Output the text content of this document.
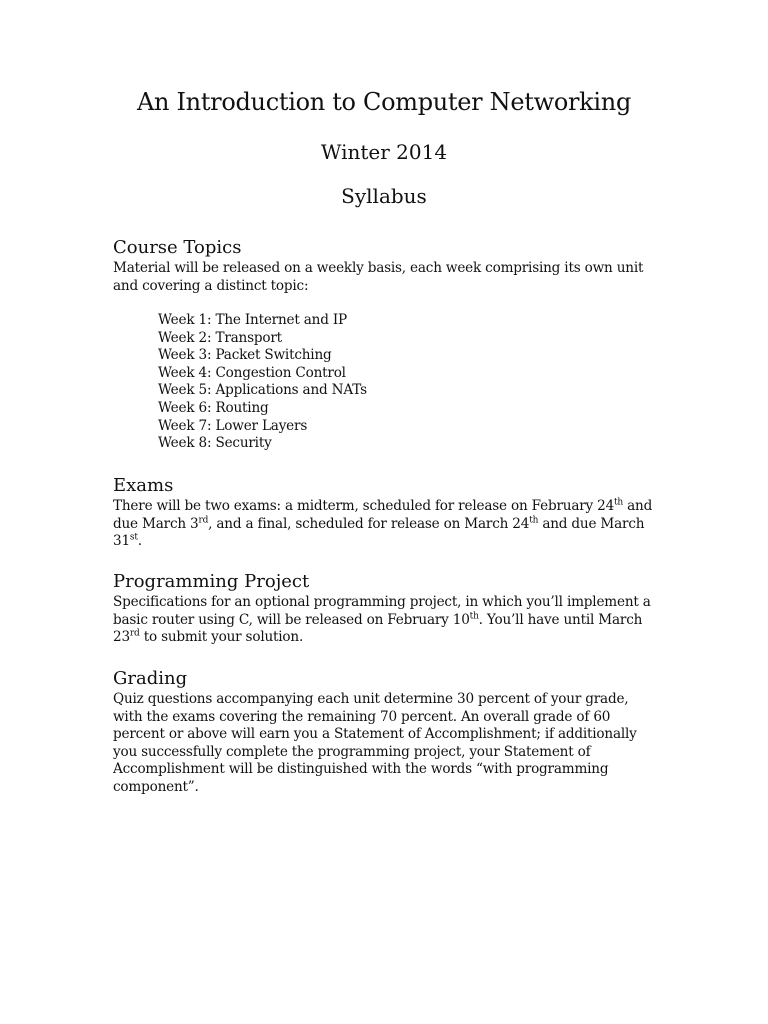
An Introduction to Computer Networking
Winter 2014
Syllabus
Course Topics

Material will be released on a weekly basis, each week comprising its own unit and covering a distinct topic:

Week 1: The Internet and IP
Week 2: Transport
Week 3: Packet Switching
Week 4: Congestion Control
Week 5: Applications and NATs
Week 6: Routing
Week 7: Lower Layers
Week 8: Security
Exams

There will be two exams: a midterm, scheduled for release on February 24th and due March 3rd, and a final, scheduled for release on March 24th and due March 31st.

Programming Project

Specifications for an optional programming project, in which you’ll implement a basic router using C, will be released on February 10th. You’ll have until March 23rd to submit your solution.

Grading

Quiz questions accompanying each unit determine 30 percent of your grade, with the exams covering the remaining 70 percent. An overall grade of 60 percent or above will earn you a Statement of Accomplishment; if additionally you successfully complete the programming project, your Statement of Accomplishment will be distinguished with the words “with programming component”.
